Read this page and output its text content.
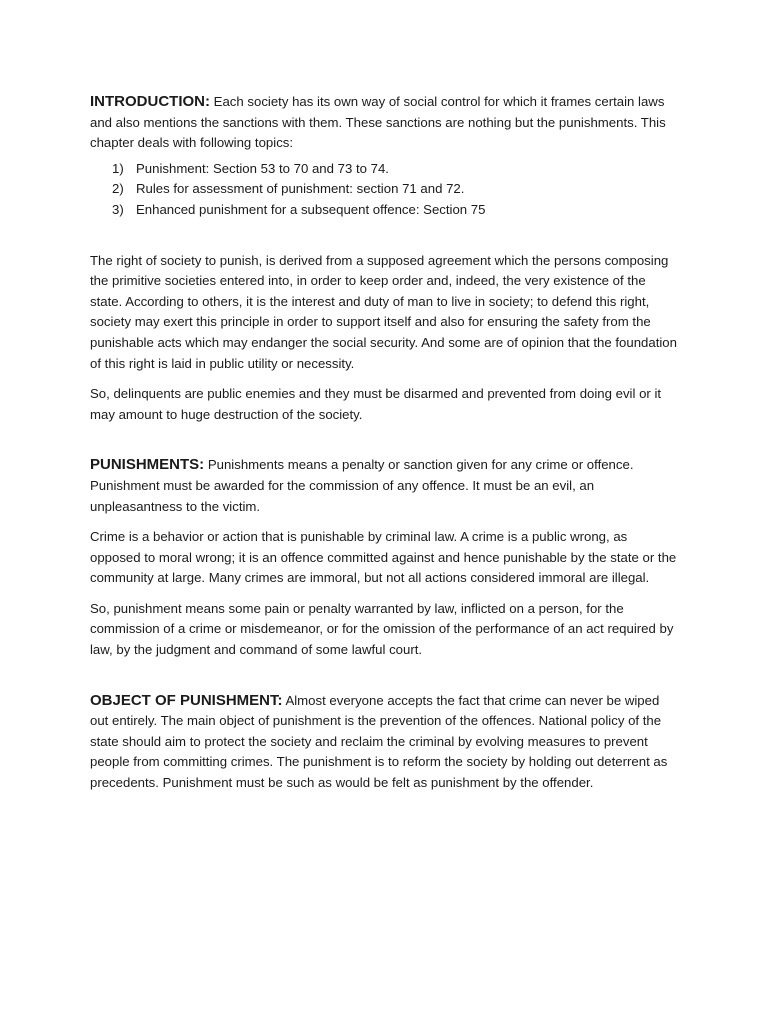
INTRODUCTION: Each society has its own way of social control for which it frames certain laws and also mentions the sanctions with them. These sanctions are nothing but the punishments. This chapter deals with following topics:

1) Punishment: Section 53 to 70 and 73 to 74.
2) Rules for assessment of punishment: section 71 and 72.
3) Enhanced punishment for a subsequent offence: Section 75

The right of society to punish, is derived from a supposed agreement which the persons composing the primitive societies entered into, in order to keep order and, indeed, the very existence of the state. According to others, it is the interest and duty of man to live in society; to defend this right, society may exert this principle in order to support itself and also for ensuring the safety from the punishable acts which may endanger the social security. And some are of opinion that the foundation of this right is laid in public utility or necessity.

So, delinquents are public enemies and they must be disarmed and prevented from doing evil or it may amount to huge destruction of the society.

PUNISHMENTS: Punishments means a penalty or sanction given for any crime or offence. Punishment must be awarded for the commission of any offence. It must be an evil, an unpleasantness to the victim.

Crime is a behavior or action that is punishable by criminal law. A crime is a public wrong, as opposed to moral wrong; it is an offence committed against and hence punishable by the state or the community at large. Many crimes are immoral, but not all actions considered immoral are illegal.

So, punishment means some pain or penalty warranted by law, inflicted on a person, for the commission of a crime or misdemeanor, or for the omission of the performance of an act required by law, by the judgment and command of some lawful court.

OBJECT OF PUNISHMENT: Almost everyone accepts the fact that crime can never be wiped out entirely. The main object of punishment is the prevention of the offences. National policy of the state should aim to protect the society and reclaim the criminal by evolving measures to prevent people from committing crimes. The punishment is to reform the society by holding out deterrent as precedents. Punishment must be such as would be felt as punishment by the offender.
